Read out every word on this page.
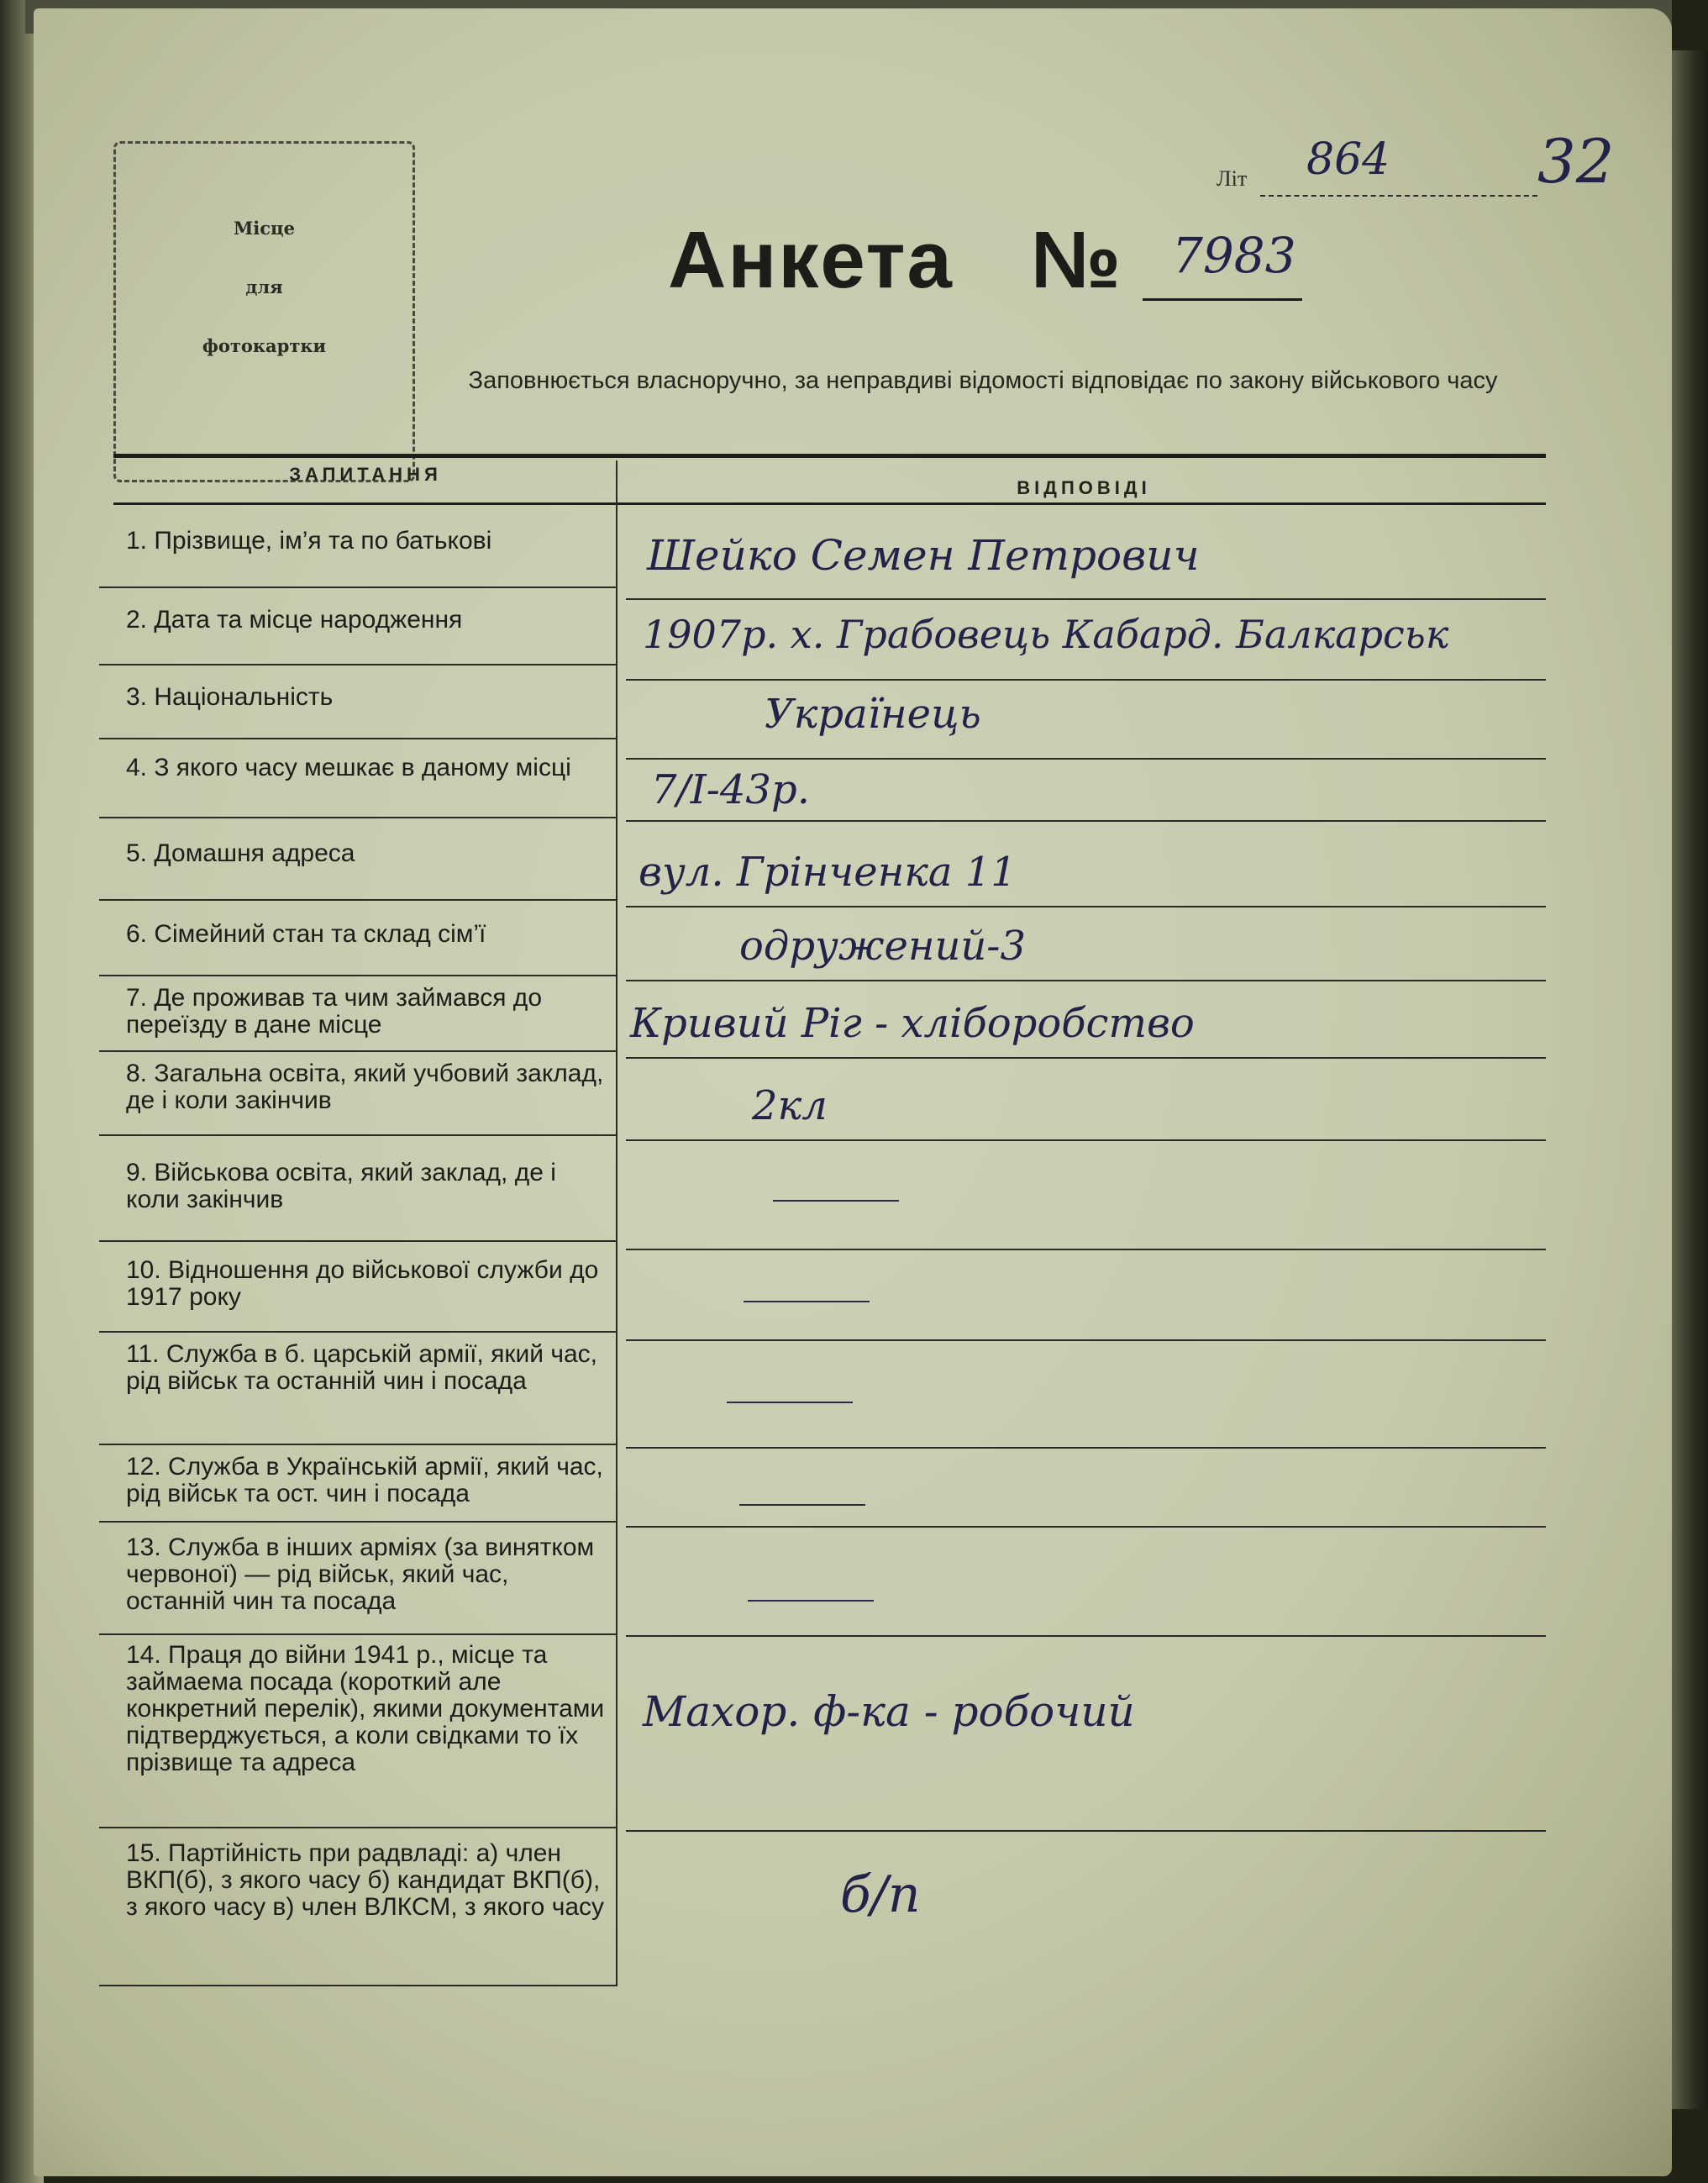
Місце
для
фотокартки
Літ 864 32
Анкета № 7983
Заповнюється власноручно, за неправдиві відомості відповідає по закону військового часу
ЗАПИТАННЯ
ВІДПОВІДІ
1. Прізвище, ім’я та по батькові
2. Дата та місце народження
3. Національність
4. З якого часу мешкає в даному місці
5. Домашня адреса
6. Сімейний стан та склад сім’ї
7. Де проживав та чим займався до переїзду в дане місце
8. Загальна освіта, який учбовий заклад, де і коли закінчив
9. Військова освіта, який заклад, де і коли закінчив
10. Відношення до військової служби до 1917 року
11. Служба в б. царській армії, який час, рід військ та останній чин і посада
12. Служба в Українській армії, який час, рід військ та ост. чин і посада
13. Служба в інших арміях (за винятком червоної) — рід військ, який час, останній чин та посада
14. Праця до війни 1941 р., місце та займаема посада (короткий але конкретний перелік), якими документами підтверджується, а коли свідками то їх прізвище та адреса
15. Партійність при радвладі: а) член ВКП(б), з якого часу б) кандидат ВКП(б), з якого часу в) член ВЛКСМ, з якого часу
Шейко Семен Петрович
1907р. х. Грабовець Кабард. Балкарськ
Українець
7/І-43р.
вул. Грінченка 11
одружений-3
Кривий Ріг - хліборобство
2кл
Махор. ф-ка - робочий
б/п
